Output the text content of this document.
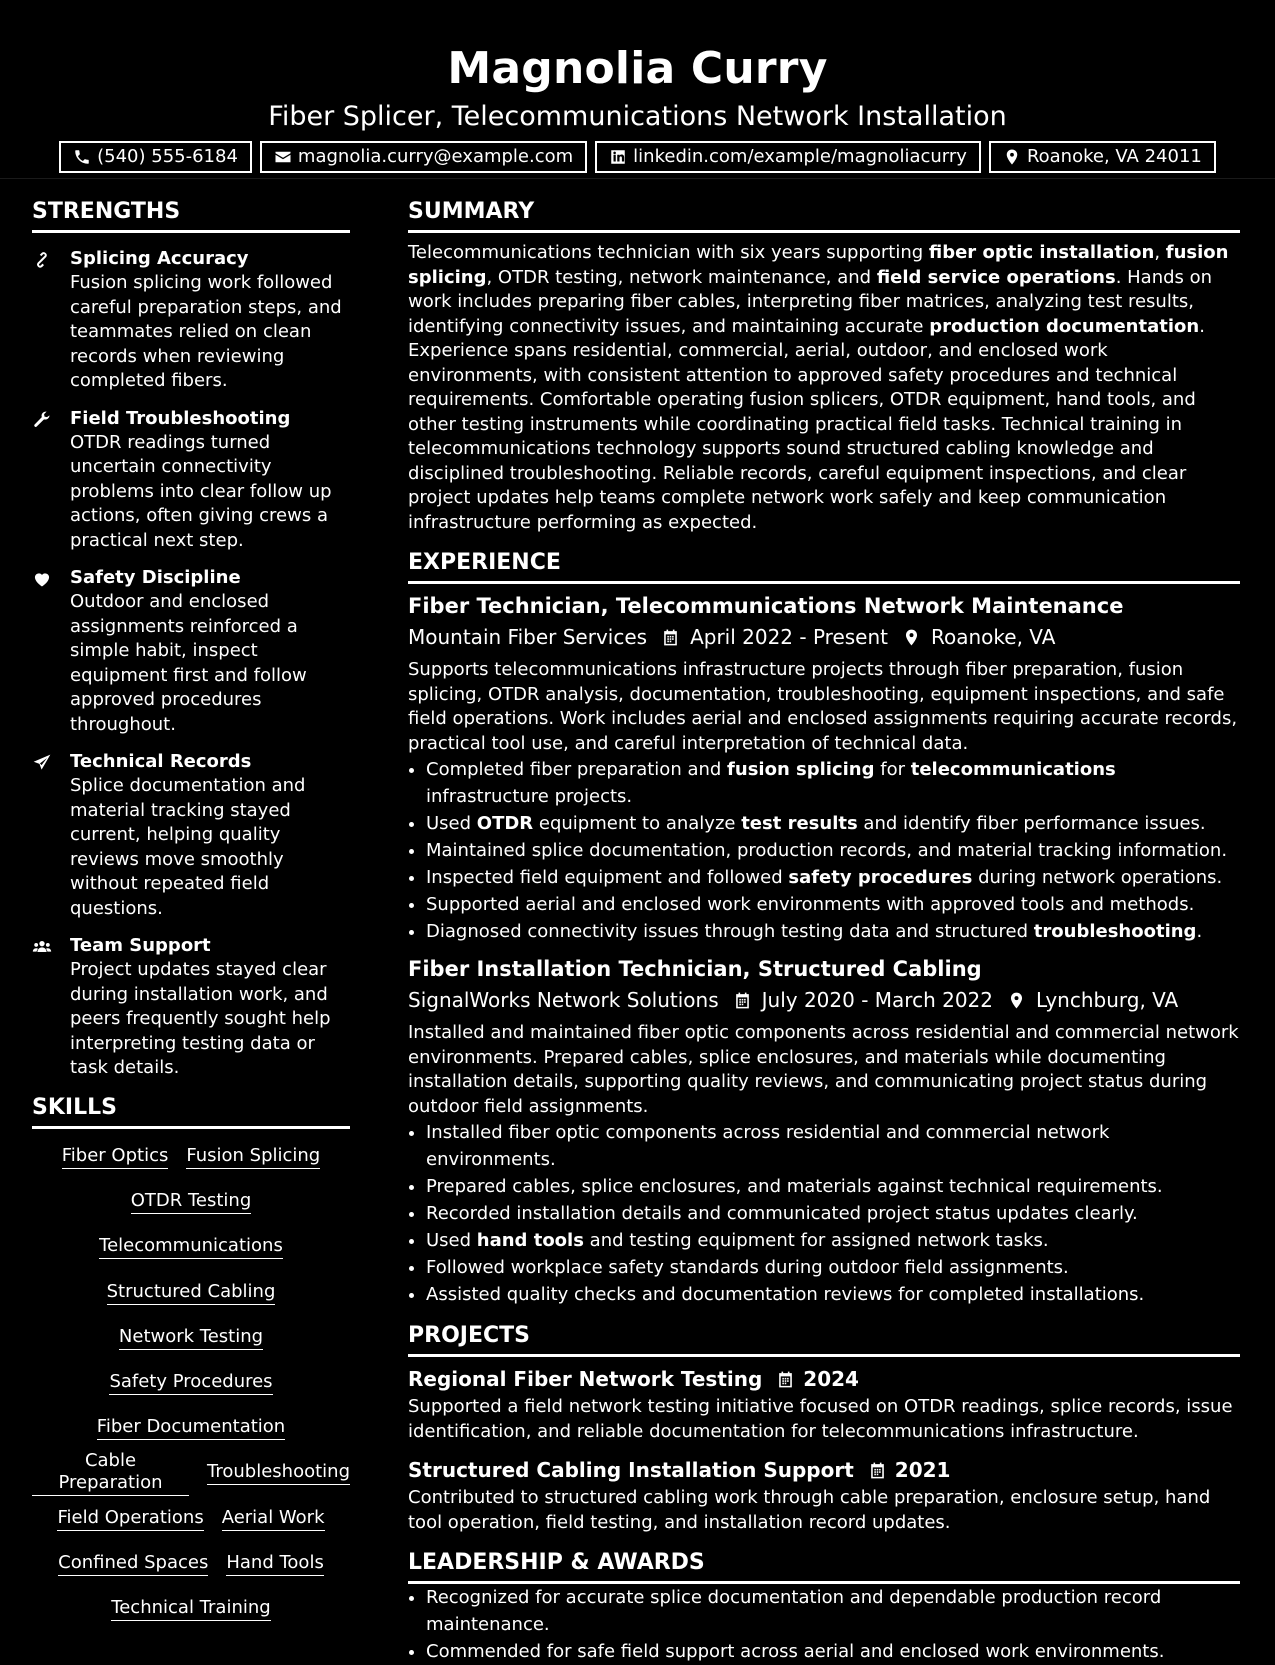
Magnolia Curry
Fiber Splicer, Telecommunications Network Installation
(540) 555-6184	magnolia.curry@example.com	linkedin.com/example/magnoliacurry	Roanoke, VA 24011
STRENGTHS
Splicing Accuracy
Fusion splicing work followed careful preparation steps, and teammates relied on clean records when reviewing completed fibers.
Field Troubleshooting
OTDR readings turned uncertain connectivity problems into clear follow up actions, often giving crews a practical next step.
Safety Discipline
Outdoor and enclosed assignments reinforced a simple habit, inspect equipment first and follow approved procedures throughout.
Technical Records
Splice documentation and material tracking stayed current, helping quality reviews move smoothly without repeated field questions.
Team Support
Project updates stayed clear during installation work, and peers frequently sought help interpreting testing data or task details.
SKILLS
Fiber Optics Fusion Splicing
OTDR Testing
Telecommunications
Structured Cabling
Network Testing
Safety Procedures
Fiber Documentation
Cable Preparation
Troubleshooting
Field Operations Aerial Work
Confined Spaces Hand Tools
Technical Training
SUMMARY
Telecommunications technician with six years supporting fiber optic installation, fusion splicing, OTDR testing, network maintenance, and field service operations. Hands on work includes preparing fiber cables, interpreting fiber matrices, analyzing test results, identifying connectivity issues, and maintaining accurate production documentation. Experience spans residential, commercial, aerial, outdoor, and enclosed work environments, with consistent attention to approved safety procedures and technical requirements. Comfortable operating fusion splicers, OTDR equipment, hand tools, and other testing instruments while coordinating practical field tasks. Technical training in telecommunications technology supports sound structured cabling knowledge and disciplined troubleshooting. Reliable records, careful equipment inspections, and clear project updates help teams complete network work safely and keep communication infrastructure performing as expected.
EXPERIENCE
Fiber Technician, Telecommunications Network Maintenance
Mountain Fiber Services April 2022 - Present Roanoke, VA
Supports telecommunications infrastructure projects through fiber preparation, fusion splicing, OTDR analysis, documentation, troubleshooting, equipment inspections, and safe field operations. Work includes aerial and enclosed assignments requiring accurate records, practical tool use, and careful interpretation of technical data.
• Completed fiber preparation and fusion splicing for telecommunications infrastructure projects.
• Used OTDR equipment to analyze test results and identify fiber performance issues.
• Maintained splice documentation, production records, and material tracking information.
• Inspected field equipment and followed safety procedures during network operations.
• Supported aerial and enclosed work environments with approved tools and methods.
• Diagnosed connectivity issues through testing data and structured troubleshooting.
Fiber Installation Technician, Structured Cabling
SignalWorks Network Solutions July 2020 - March 2022 Lynchburg, VA
Installed and maintained fiber optic components across residential and commercial network environments. Prepared cables, splice enclosures, and materials while documenting installation details, supporting quality reviews, and communicating project status during outdoor field assignments.
• Installed fiber optic components across residential and commercial network environments.
• Prepared cables, splice enclosures, and materials against technical requirements.
• Recorded installation details and communicated project status updates clearly.
• Used hand tools and testing equipment for assigned network tasks.
• Followed workplace safety standards during outdoor field assignments.
• Assisted quality checks and documentation reviews for completed installations.
PROJECTS
Regional Fiber Network Testing 2024
Supported a field network testing initiative focused on OTDR readings, splice records, issue identification, and reliable documentation for telecommunications infrastructure.
Structured Cabling Installation Support 2021
Contributed to structured cabling work through cable preparation, enclosure setup, hand tool operation, field testing, and installation record updates.
LEADERSHIP & AWARDS
• Recognized for accurate splice documentation and dependable production record maintenance.
• Commended for safe field support across aerial and enclosed work environments.
